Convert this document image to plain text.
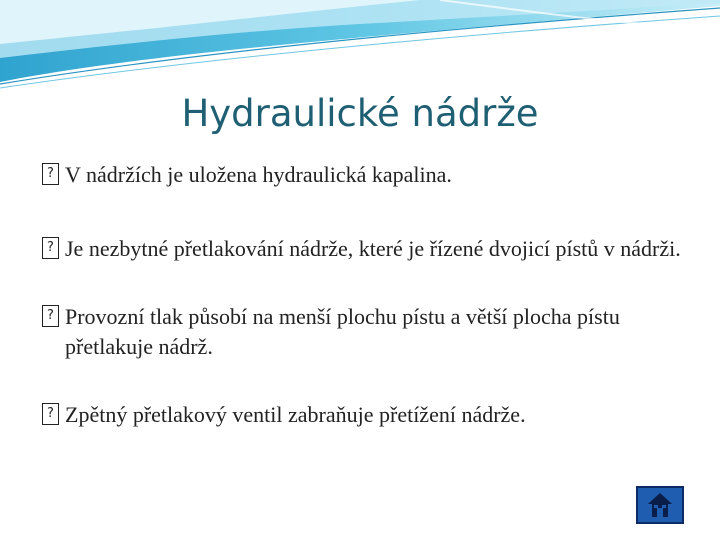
Hydraulické nádrže
? V nádržích je uložena hydraulická kapalina.
? Je nezbytné přetlakování nádrže, které je řízené dvojicí pístů v nádrži.
? Provozní tlak působí na menší plochu pístu a větší plocha pístu přetlakuje nádrž.
? Zpětný přetlakový ventil zabraňuje přetížení nádrže.
